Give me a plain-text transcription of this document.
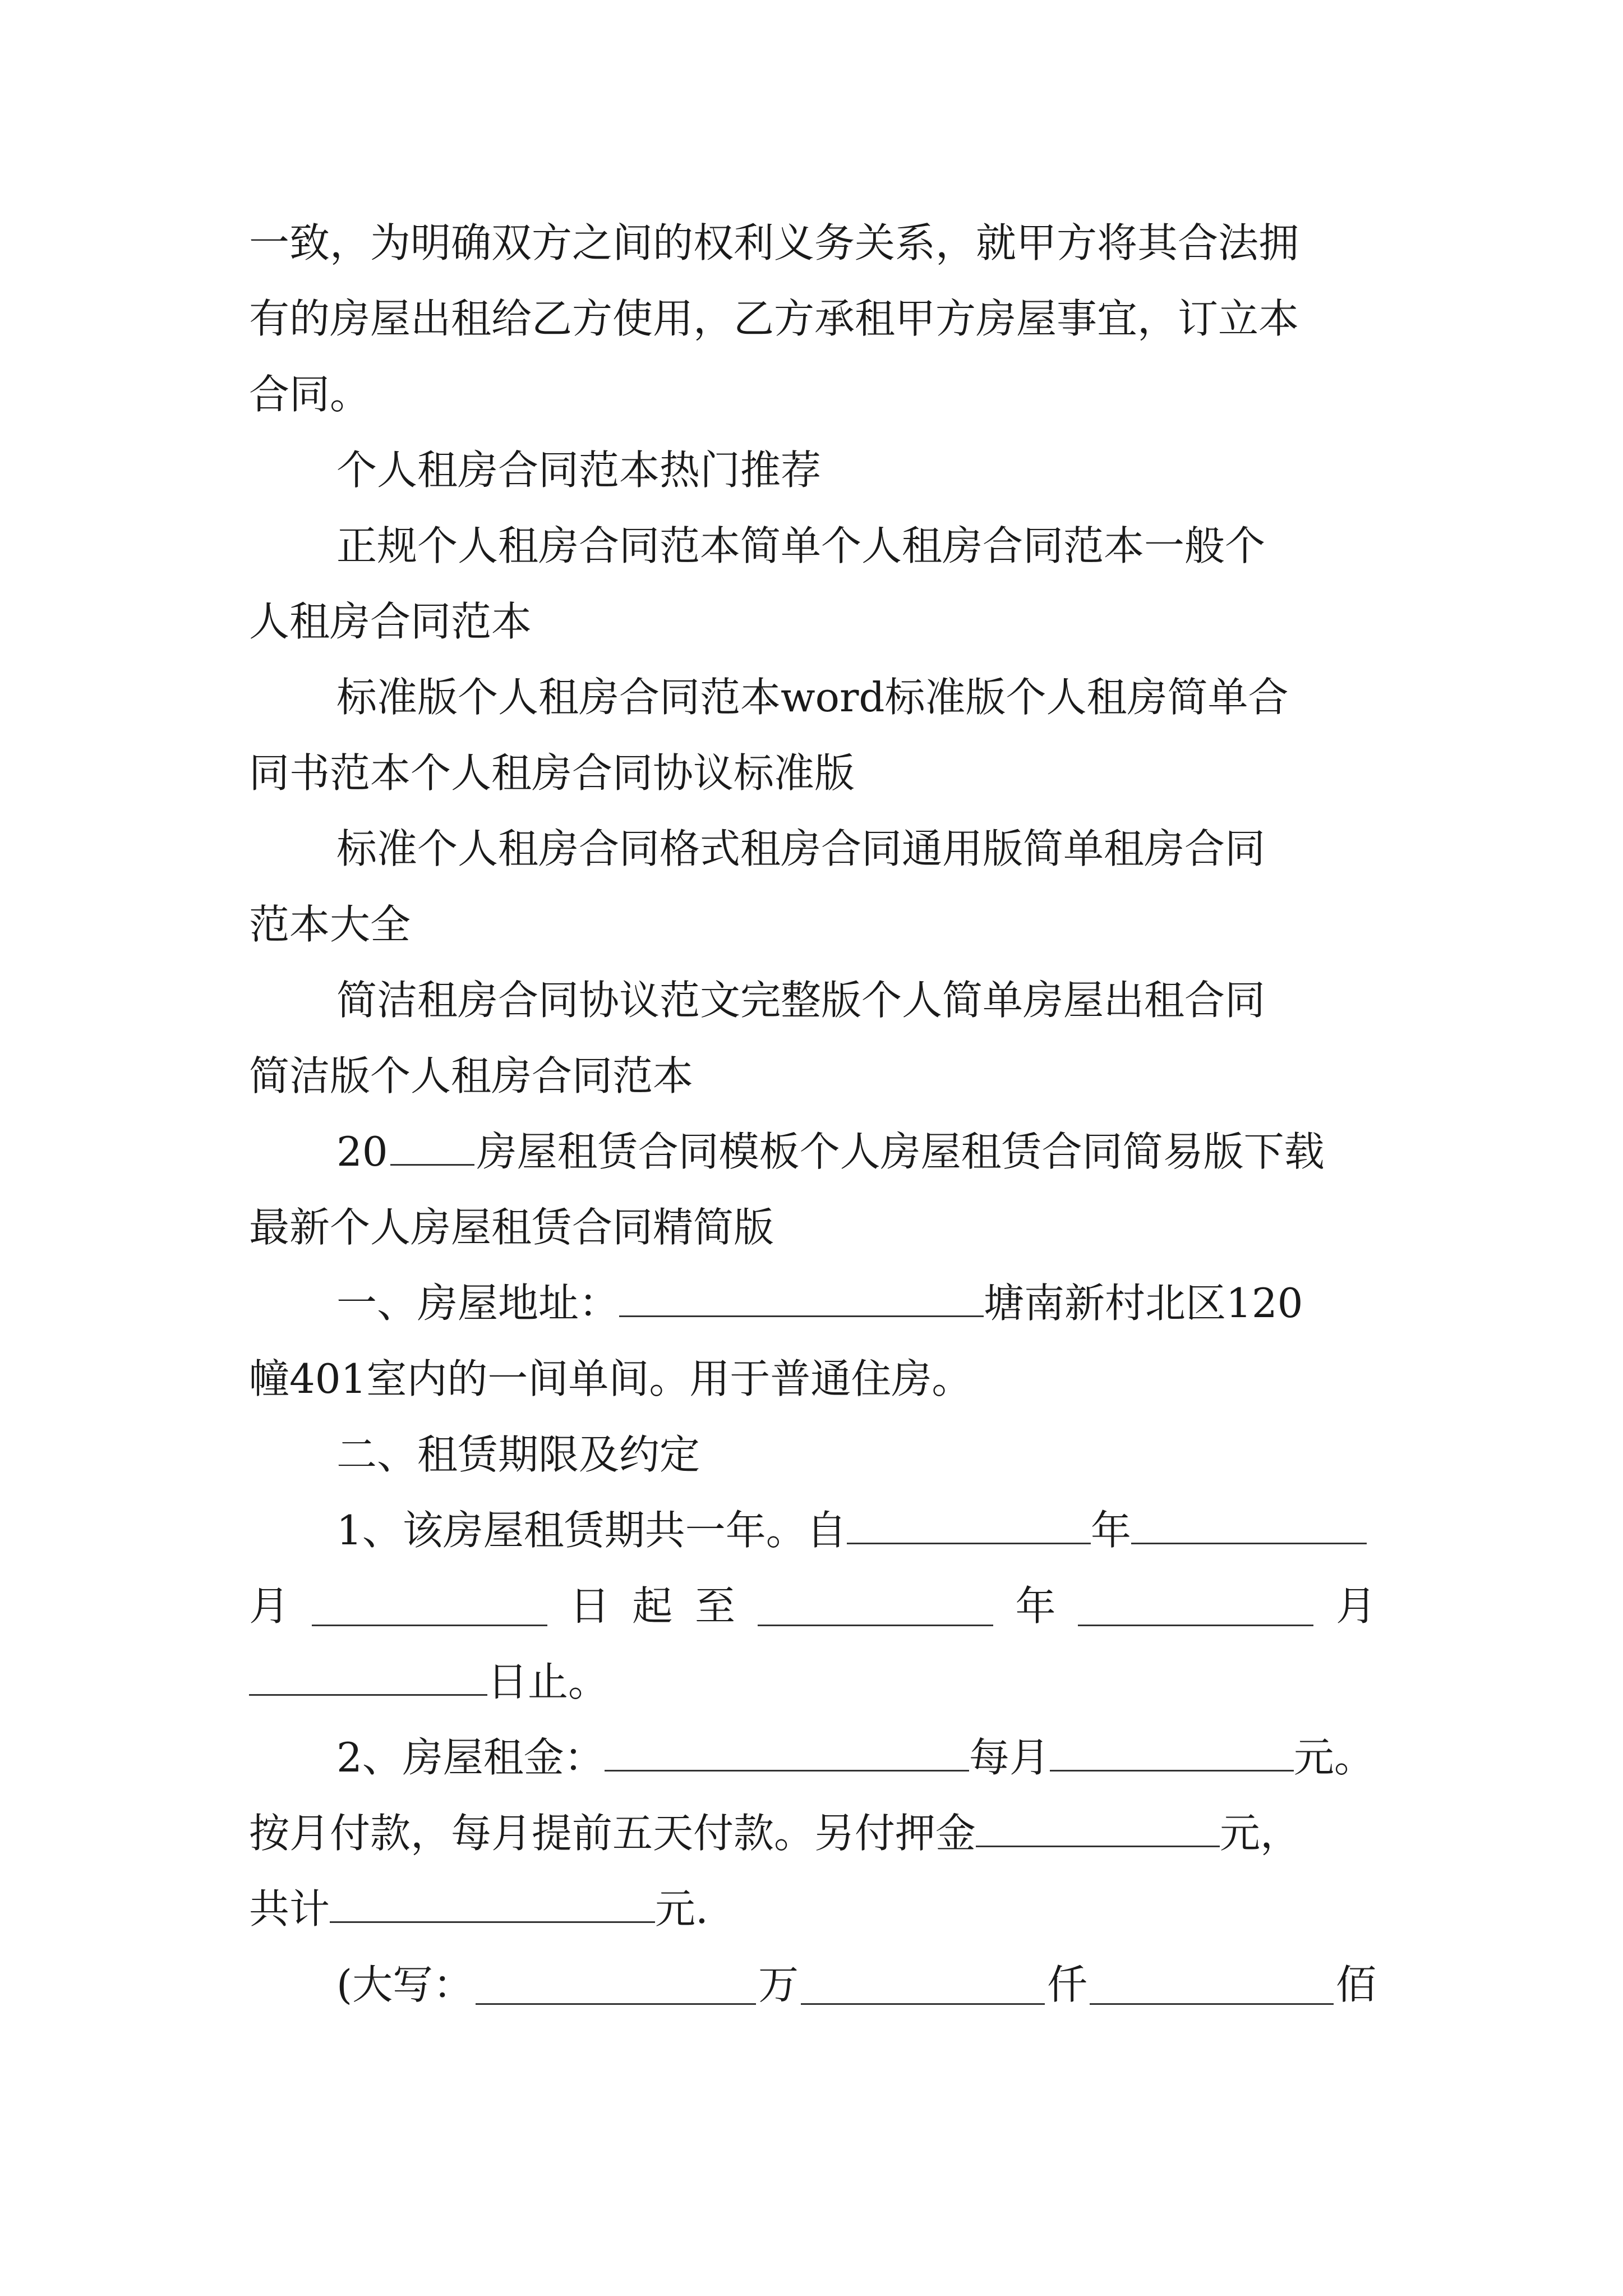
一致，为明确双方之间的权利义务关系，就甲方将其合法拥
有的房屋出租给乙方使用，乙方承租甲方房屋事宜，订立本
合同。
个人租房合同范本热门推荐
正规个人租房合同范本简单个人租房合同范本一般个
人租房合同范本
标准版个人租房合同范本word标准版个人租房简单合
同书范本个人租房合同协议标准版
标准个人租房合同格式租房合同通用版简单租房合同
范本大全
简洁租房合同协议范文完整版个人简单房屋出租合同
简洁版个人租房合同范本
20 房屋租赁合同模板个人房屋租赁合同简易版下载
最新个人房屋租赁合同精简版
一、房屋地址：	塘南新村北区120
幢401室内的一间单间。用于普通住房。
二、租赁期限及约定
1、该房屋租赁期共一年。自	年
月	日 起 至	年	月
日止。
2、房屋租金：	每月	元。
按月付款，每月提前五天付款。另付押金	元，
共计	元.
(大写：	万	仟	佰
